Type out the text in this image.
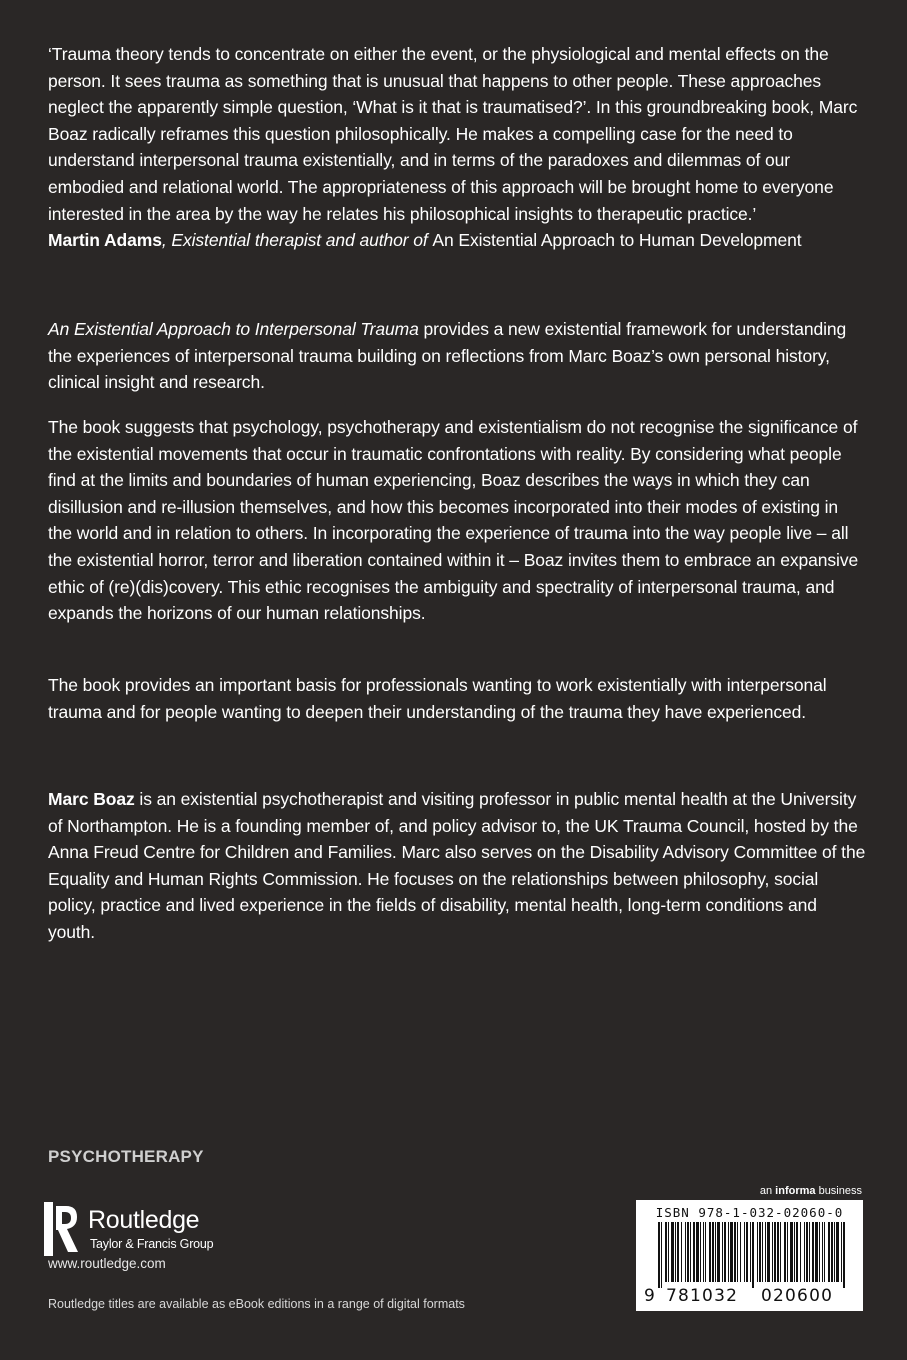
‘Trauma theory tends to concentrate on either the event, or the physiological and mental effects on the person. It sees trauma as something that is unusual that happens to other people. These approaches neglect the apparently simple question, ‘What is it that is traumatised?’. In this groundbreaking book, Marc Boaz radically reframes this question philosophically. He makes a compelling case for the need to understand interpersonal trauma existentially, and in terms of the paradoxes and dilemmas of our embodied and relational world. The appropriateness of this approach will be brought home to everyone interested in the area by the way he relates his philosophical insights to therapeutic practice.’

Martin Adams, Existential therapist and author of An Existential Approach to Human Development

An Existential Approach to Interpersonal Trauma provides a new existential framework for understanding the experiences of interpersonal trauma building on reflections from Marc Boaz’s own personal history, clinical insight and research.

The book suggests that psychology, psychotherapy and existentialism do not recognise the significance of the existential movements that occur in traumatic confrontations with reality. By considering what people find at the limits and boundaries of human experiencing, Boaz describes the ways in which they can disillusion and re-illusion themselves, and how this becomes incorporated into their modes of existing in the world and in relation to others. In incorporating the experience of trauma into the way people live – all the existential horror, terror and liberation contained within it – Boaz invites them to embrace an expansive ethic of (re)(dis)covery. This ethic recognises the ambiguity and spectrality of interpersonal trauma, and expands the horizons of our human relationships.

The book provides an important basis for professionals wanting to work existentially with interpersonal trauma and for people wanting to deepen their understanding of the trauma they have experienced.

Marc Boaz is an existential psychotherapist and visiting professor in public mental health at the University of Northampton. He is a founding member of, and policy advisor to, the UK Trauma Council, hosted by the Anna Freud Centre for Children and Families. Marc also serves on the Disability Advisory Committee of the Equality and Human Rights Commission. He focuses on the relationships between philosophy, social policy, practice and lived experience in the fields of disability, mental health, long-term conditions and youth.

PSYCHOTHERAPY
Routledge
Taylor & Francis Group
www.routledge.com
Routledge titles are available as eBook editions in a range of digital formats
an informa business
ISBN 978-1-032-02060-0
9 781032 020600
